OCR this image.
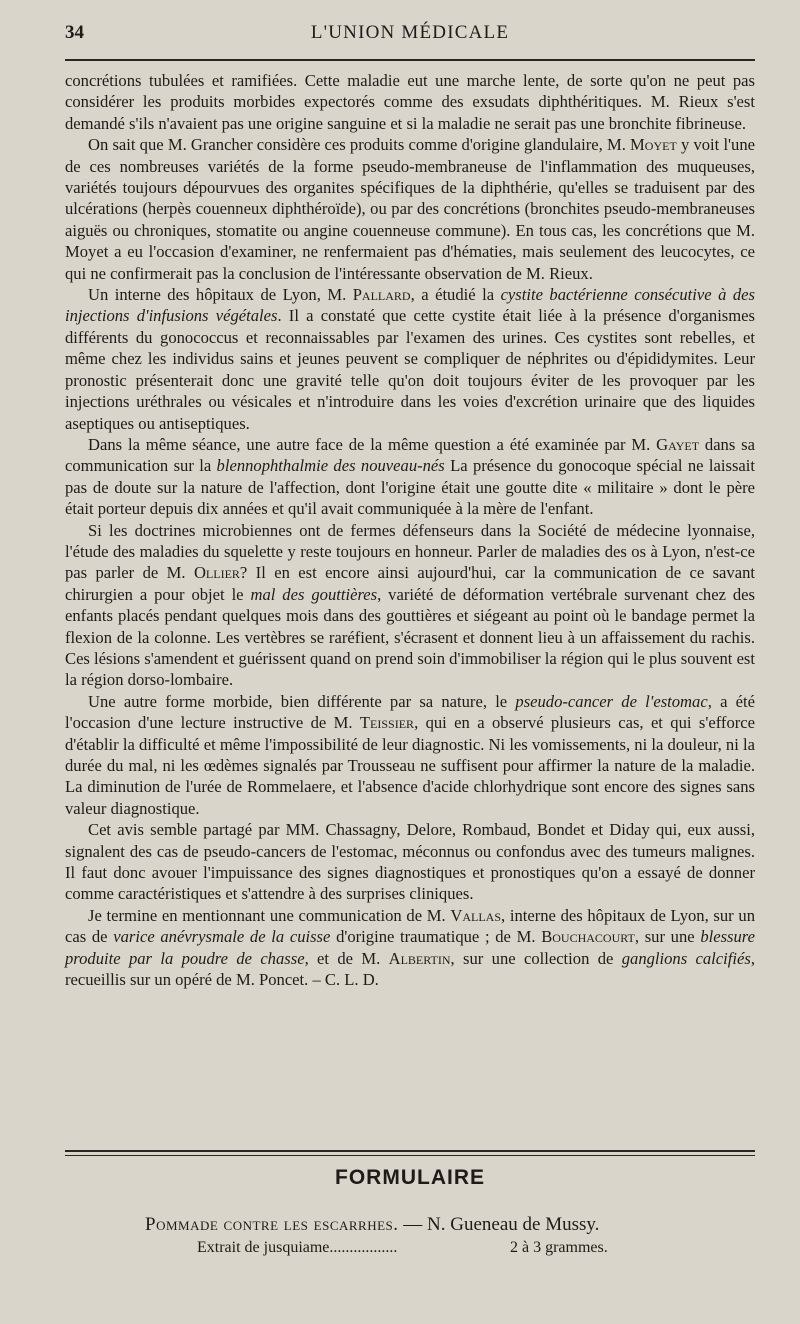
34	L'UNION MÉDICALE

concrétions tubulées et ramifiées. Cette maladie eut une marche lente, de sorte qu'on ne peut pas considérer les produits morbides expectorés comme des exsudats diphthéritiques. M. Rieux s'est demandé s'ils n'avaient pas une origine sanguine et si la maladie ne serait pas une bronchite fibrineuse.

On sait que M. Grancher considère ces produits comme d'origine glandulaire, M. Moyet y voit l'une de ces nombreuses variétés de la forme pseudo-membraneuse de l'inflammation des muqueuses, variétés toujours dépourvues des organites spécifiques de la diphthérie, qu'elles se traduisent par des ulcérations (herpès couenneux diphthéroïde), ou par des concrétions (bronchites pseudo-membraneuses aiguës ou chroniques, stomatite ou angine couenneuse commune). En tous cas, les concrétions que M. Moyet a eu l'occasion d'examiner, ne renfermaient pas d'hématies, mais seulement des leucocytes, ce qui ne confirmerait pas la conclusion de l'intéressante observation de M. Rieux.

Un interne des hôpitaux de Lyon, M. Pallard, a étudié la cystite bactérienne consécutive à des injections d'infusions végétales. Il a constaté que cette cystite était liée à la présence d'organismes différents du gonococcus et reconnaissables par l'examen des urines. Ces cystites sont rebelles, et même chez les individus sains et jeunes peuvent se compliquer de néphrites ou d'épididymites. Leur pronostic présenterait donc une gravité telle qu'on doit toujours éviter de les provoquer par les injections uréthrales ou vésicales et n'introduire dans les voies d'excrétion urinaire que des liquides aseptiques ou antiseptiques.

Dans la même séance, une autre face de la même question a été examinée par M. Gayet dans sa communication sur la blennophthalmie des nouveau-nés La présence du gonocoque spécial ne laissait pas de doute sur la nature de l'affection, dont l'origine était une goutte dite « militaire » dont le père était porteur depuis dix années et qu'il avait communiquée à la mère de l'enfant.

Si les doctrines microbiennes ont de fermes défenseurs dans la Société de médecine lyonnaise, l'étude des maladies du squelette y reste toujours en honneur. Parler de maladies des os à Lyon, n'est-ce pas parler de M. Ollier? Il en est encore ainsi aujourd'hui, car la communication de ce savant chirurgien a pour objet le mal des gouttières, variété de déformation vertébrale survenant chez des enfants placés pendant quelques mois dans des gouttières et siégeant au point où le bandage permet la flexion de la colonne. Les vertèbres se raréfient, s'écrasent et donnent lieu à un affaissement du rachis. Ces lésions s'amendent et guérissent quand on prend soin d'immobiliser la région qui le plus souvent est la région dorso-lombaire.

Une autre forme morbide, bien différente par sa nature, le pseudo-cancer de l'estomac, a été l'occasion d'une lecture instructive de M. Teissier, qui en a observé plusieurs cas, et qui s'efforce d'établir la difficulté et même l'impossibilité de leur diagnostic. Ni les vomissements, ni la douleur, ni la durée du mal, ni les œdèmes signalés par Trousseau ne suffisent pour affirmer la nature de la maladie. La diminution de l'urée de Rommelaere, et l'absence d'acide chlorhydrique sont encore des signes sans valeur diagnostique.

Cet avis semble partagé par MM. Chassagny, Delore, Rombaud, Bondet et Diday qui, eux aussi, signalent des cas de pseudo-cancers de l'estomac, méconnus ou confondus avec des tumeurs malignes. Il faut donc avouer l'impuissance des signes diagnostiques et pronostiques qu'on a essayé de donner comme caractéristiques et s'attendre à des surprises cliniques.

Je termine en mentionnant une communication de M. Vallas, interne des hôpitaux de Lyon, sur un cas de varice anévrysmale de la cuisse d'origine traumatique ; de M. Bouchacourt, sur une blessure produite par la poudre de chasse, et de M. Albertin, sur une collection de ganglions calcifiés, recueillis sur un opéré de M. Poncet. – C. L. D.

FORMULAIRE
Pommade contre les escarrhes. — N. Gueneau de Mussy.
Extrait de jusquiame.................	2 à 3 grammes.
